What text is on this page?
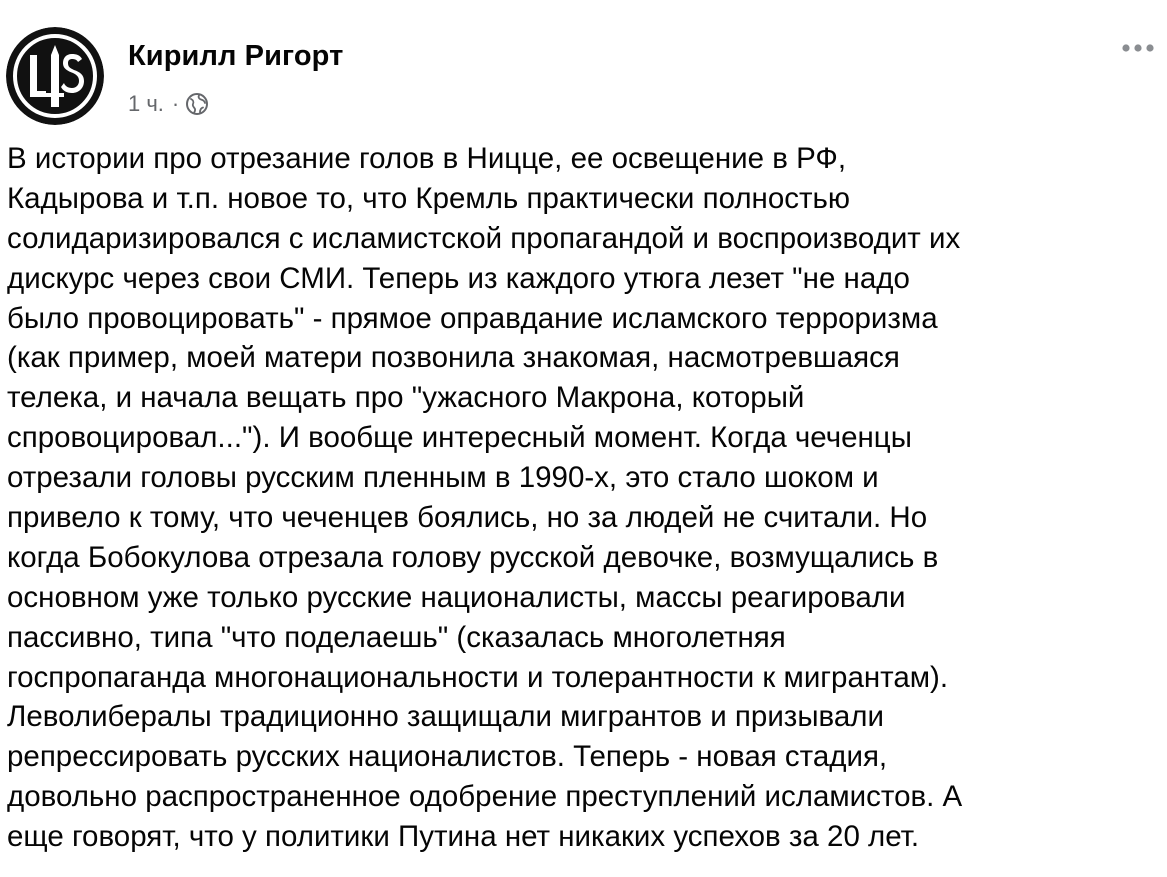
Кирилл Ригорт
1 ч. ·
В истории про отрезание голов в Ницце, ее освещение в РФ,
Кадырова и т.п. новое то, что Кремль практически полностью
солидаризировался с исламистской пропагандой и воспроизводит их
дискурс через свои СМИ. Теперь из каждого утюга лезет "не надо
было провоцировать" - прямое оправдание исламского терроризма
(как пример, моей матери позвонила знакомая, насмотревшаяся
телека, и начала вещать про "ужасного Макрона, который
спровоцировал..."). И вообще интересный момент. Когда чеченцы
отрезали головы русским пленным в 1990-х, это стало шоком и
привело к тому, что чеченцев боялись, но за людей не считали. Но
когда Бобокулова отрезала голову русской девочке, возмущались в
основном уже только русские националисты, массы реагировали
пассивно, типа "что поделаешь" (сказалась многолетняя
госпропаганда многонациональности и толерантности к мигрантам).
Леволибералы традиционно защищали мигрантов и призывали
репрессировать русских националистов. Теперь - новая стадия,
довольно распространенное одобрение преступлений исламистов. А
еще говорят, что у политики Путина нет никаких успехов за 20 лет.
